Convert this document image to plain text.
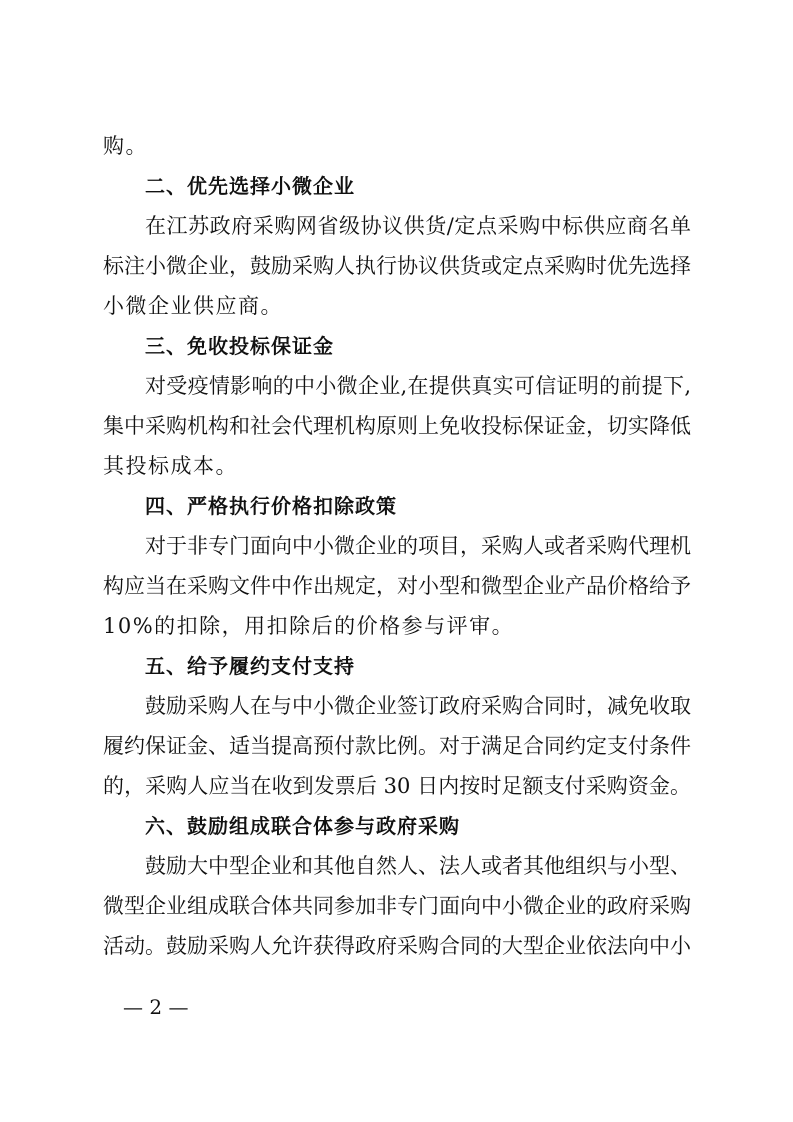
购。
二、优先选择小微企业
在江苏政府采购网省级协议供货/定点采购中标供应商名单
标注小微企业，鼓励采购人执行协议供货或定点采购时优先选择
小微企业供应商。
三、免收投标保证金
对受疫情影响的中小微企业,在提供真实可信证明的前提下,
集中采购机构和社会代理机构原则上免收投标保证金，切实降低
其投标成本。
四、严格执行价格扣除政策
对于非专门面向中小微企业的项目，采购人或者采购代理机
构应当在采购文件中作出规定，对小型和微型企业产品价格给予
10%的扣除，用扣除后的价格参与评审。
五、给予履约支付支持
鼓励采购人在与中小微企业签订政府采购合同时，减免收取
履约保证金、适当提高预付款比例。对于满足合同约定支付条件
的，采购人应当在收到发票后 30 日内按时足额支付采购资金。
六、鼓励组成联合体参与政府采购
鼓励大中型企业和其他自然人、法人或者其他组织与小型、
微型企业组成联合体共同参加非专门面向中小微企业的政府采购
活动。鼓励采购人允许获得政府采购合同的大型企业依法向中小
— 2 —
